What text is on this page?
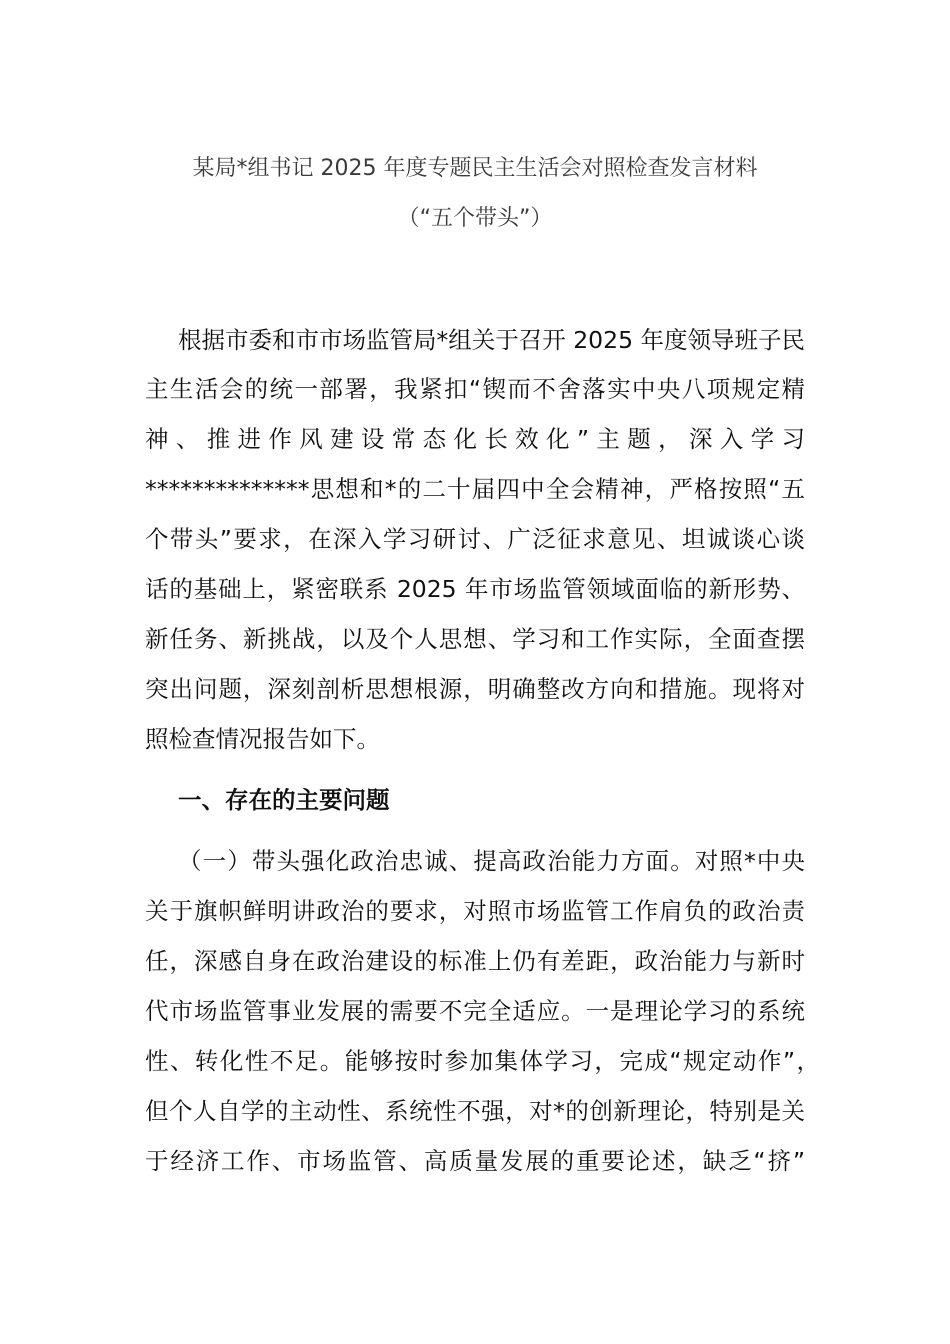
某局*组书记 2025 年度专题民主生活会对照检查发言材料
（“五个带头”）
根据市委和市市场监管局*组关于召开 2025 年度领导班子民
主生活会的统一部署，我紧扣“锲而不舍落实中央八项规定精
神、推进作风建设常态化长效化”主题，深入学习
**************思想和*的二十届四中全会精神，严格按照“五
个带头”要求，在深入学习研讨、广泛征求意见、坦诚谈心谈
话的基础上，紧密联系 2025 年市场监管领域面临的新形势、
新任务、新挑战，以及个人思想、学习和工作实际，全面查摆
突出问题，深刻剖析思想根源，明确整改方向和措施。现将对
照检查情况报告如下。
一、存在的主要问题
（一）带头强化政治忠诚、提高政治能力方面。对照*中央
关于旗帜鲜明讲政治的要求，对照市场监管工作肩负的政治责
任，深感自身在政治建设的标准上仍有差距，政治能力与新时
代市场监管事业发展的需要不完全适应。一是理论学习的系统
性、转化性不足。能够按时参加集体学习，完成“规定动作”，
但个人自学的主动性、系统性不强，对*的创新理论，特别是关
于经济工作、市场监管、高质量发展的重要论述，缺乏“挤”
